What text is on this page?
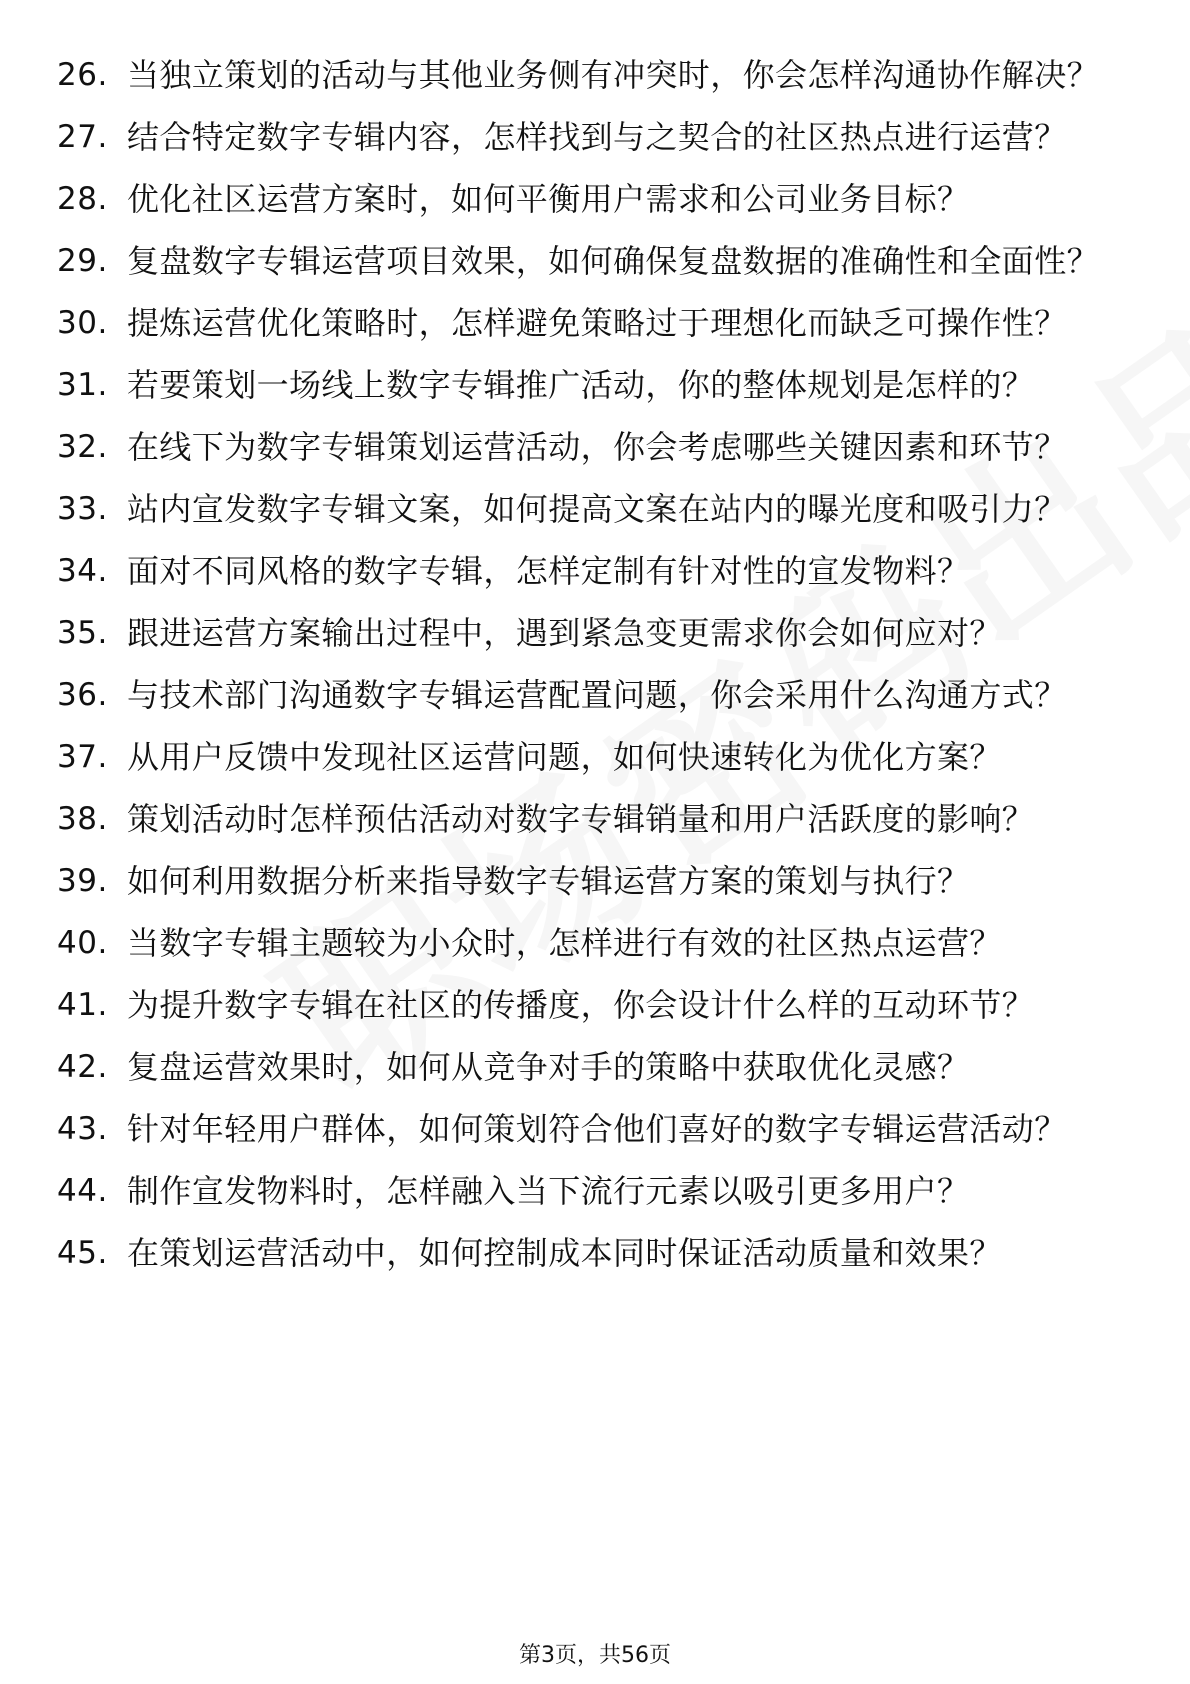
26. 当独立策划的活动与其他业务侧有冲突时，你会怎样沟通协作解决？
27. 结合特定数字专辑内容，怎样找到与之契合的社区热点进行运营？
28. 优化社区运营方案时，如何平衡用户需求和公司业务目标？
29. 复盘数字专辑运营项目效果，如何确保复盘数据的准确性和全面性？
30. 提炼运营优化策略时，怎样避免策略过于理想化而缺乏可操作性？
31. 若要策划一场线上数字专辑推广活动，你的整体规划是怎样的？
32. 在线下为数字专辑策划运营活动，你会考虑哪些关键因素和环节？
33. 站内宣发数字专辑文案，如何提高文案在站内的曝光度和吸引力？
34. 面对不同风格的数字专辑，怎样定制有针对性的宣发物料？
35. 跟进运营方案输出过程中，遇到紧急变更需求你会如何应对？
36. 与技术部门沟通数字专辑运营配置问题，你会采用什么沟通方式？
37. 从用户反馈中发现社区运营问题，如何快速转化为优化方案？
38. 策划活动时怎样预估活动对数字专辑销量和用户活跃度的影响？
39. 如何利用数据分析来指导数字专辑运营方案的策划与执行？
40. 当数字专辑主题较为小众时，怎样进行有效的社区热点运营？
41. 为提升数字专辑在社区的传播度，你会设计什么样的互动环节？
42. 复盘运营效果时，如何从竞争对手的策略中获取优化灵感？
43. 针对年轻用户群体，如何策划符合他们喜好的数字专辑运营活动？
44. 制作宣发物料时，怎样融入当下流行元素以吸引更多用户？
45. 在策划运营活动中，如何控制成本同时保证活动质量和效果？
第3页，共56页
